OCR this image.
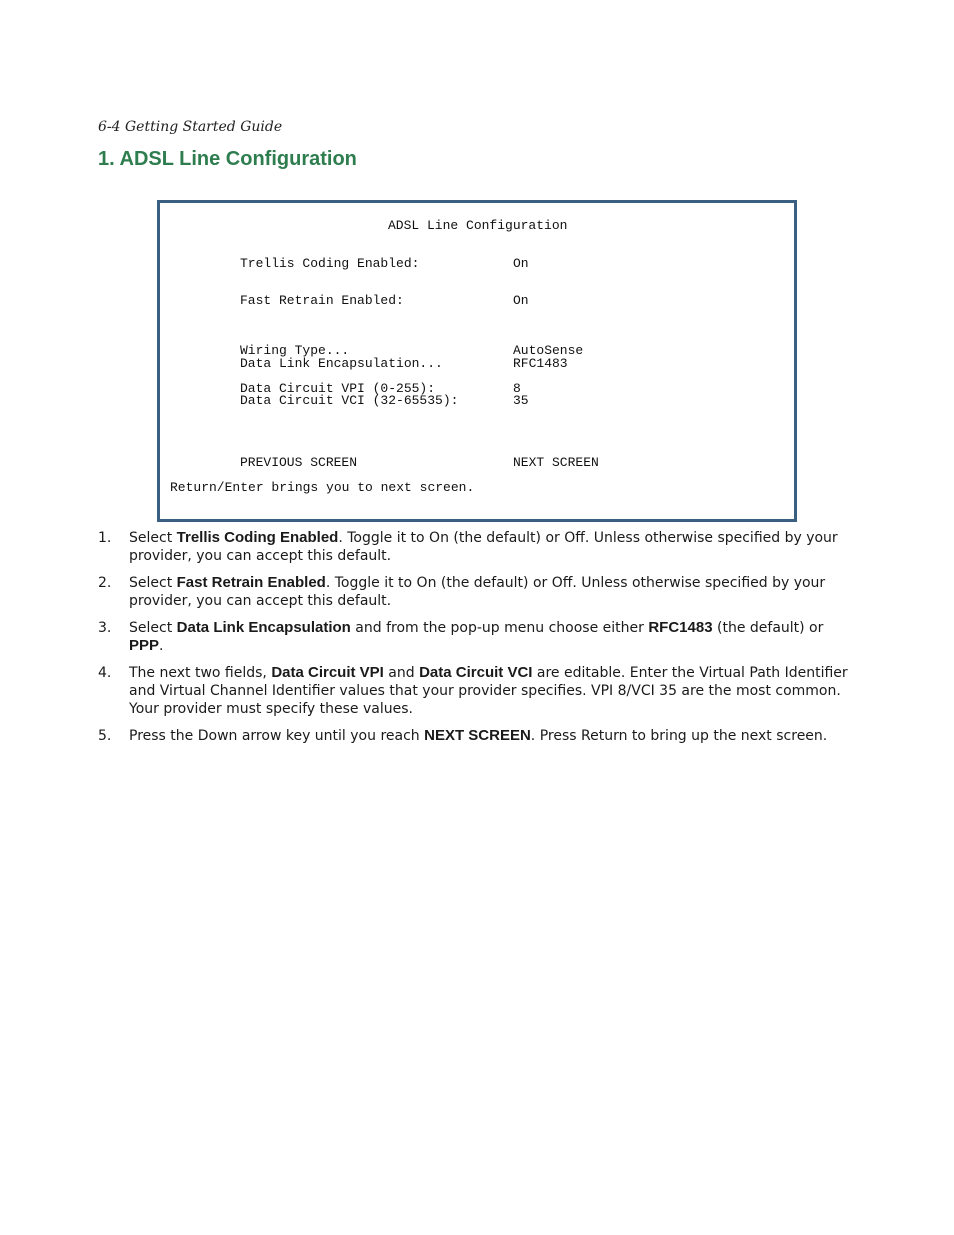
6-4 Getting Started Guide
1. ADSL Line Configuration
ADSL Line Configuration
Trellis Coding Enabled:	On
Fast Retrain Enabled:	On
Wiring Type...	AutoSense
Data Link Encapsulation...	RFC1483
Data Circuit VPI (0-255):	8
Data Circuit VCI (32-65535):	35
PREVIOUS SCREEN	NEXT SCREEN
Return/Enter brings you to next screen.
1. Select Trellis Coding Enabled. Toggle it to On (the default) or Off. Unless otherwise specified by your provider, you can accept this default.
2. Select Fast Retrain Enabled. Toggle it to On (the default) or Off. Unless otherwise specified by your provider, you can accept this default.
3. Select Data Link Encapsulation and from the pop-up menu choose either RFC1483 (the default) or PPP.
4. The next two fields, Data Circuit VPI and Data Circuit VCI are editable. Enter the Virtual Path Identifier and Virtual Channel Identifier values that your provider specifies. VPI 8/VCI 35 are the most common. Your provider must specify these values.
5. Press the Down arrow key until you reach NEXT SCREEN. Press Return to bring up the next screen.
